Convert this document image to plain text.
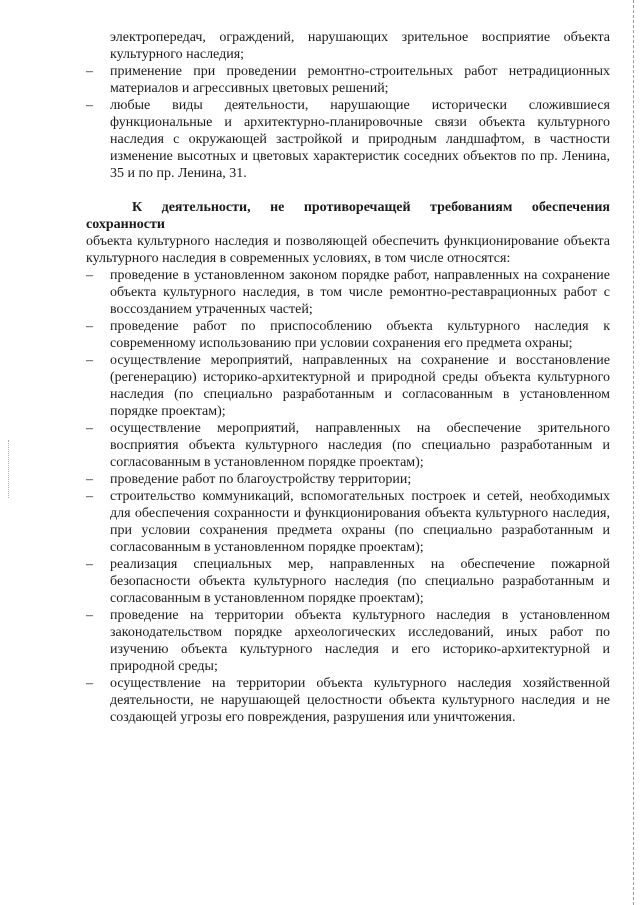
электропередач, ограждений, нарушающих зрительное восприятие объекта культурного наследия;
– применение при проведении ремонтно-строительных работ нетрадиционных материалов и агрессивных цветовых решений;
– любые виды деятельности, нарушающие исторически сложившиеся функциональные и архитектурно-планировочные связи объекта культурного наследия с окружающей застройкой и природным ландшафтом, в частности изменение высотных и цветовых характеристик соседних объектов по пр. Ленина, 35 и по пр. Ленина, 31.
К деятельности, не противоречащей требованиям обеспечения сохранности
объекта культурного наследия и позволяющей обеспечить функционирование объекта культурного наследия в современных условиях, в том числе относятся:
– проведение в установленном законом порядке работ, направленных на сохранение объекта культурного наследия, в том числе ремонтно-реставрационных работ с воссозданием утраченных частей;
– проведение работ по приспособлению объекта культурного наследия к современному использованию при условии сохранения его предмета охраны;
– осуществление мероприятий, направленных на сохранение и восстановление (регенерацию) историко-архитектурной и природной среды объекта культурного наследия (по специально разработанным и согласованным в установленном порядке проектам);
– осуществление мероприятий, направленных на обеспечение зрительного восприятия объекта культурного наследия (по специально разработанным и согласованным в установленном порядке проектам);
– проведение работ по благоустройству территории;
– строительство коммуникаций, вспомогательных построек и сетей, необходимых для обеспечения сохранности и функционирования объекта культурного наследия, при условии сохранения предмета охраны (по специально разработанным и согласованным в установленном порядке проектам);
– реализация специальных мер, направленных на обеспечение пожарной безопасности объекта культурного наследия (по специально разработанным и согласованным в установленном порядке проектам);
– проведение на территории объекта культурного наследия в установленном законодательством порядке археологических исследований, иных работ по изучению объекта культурного наследия и его историко-архитектурной и природной среды;
– осуществление на территории объекта культурного наследия хозяйственной деятельности, не нарушающей целостности объекта культурного наследия и не создающей угрозы его повреждения, разрушения или уничтожения.
